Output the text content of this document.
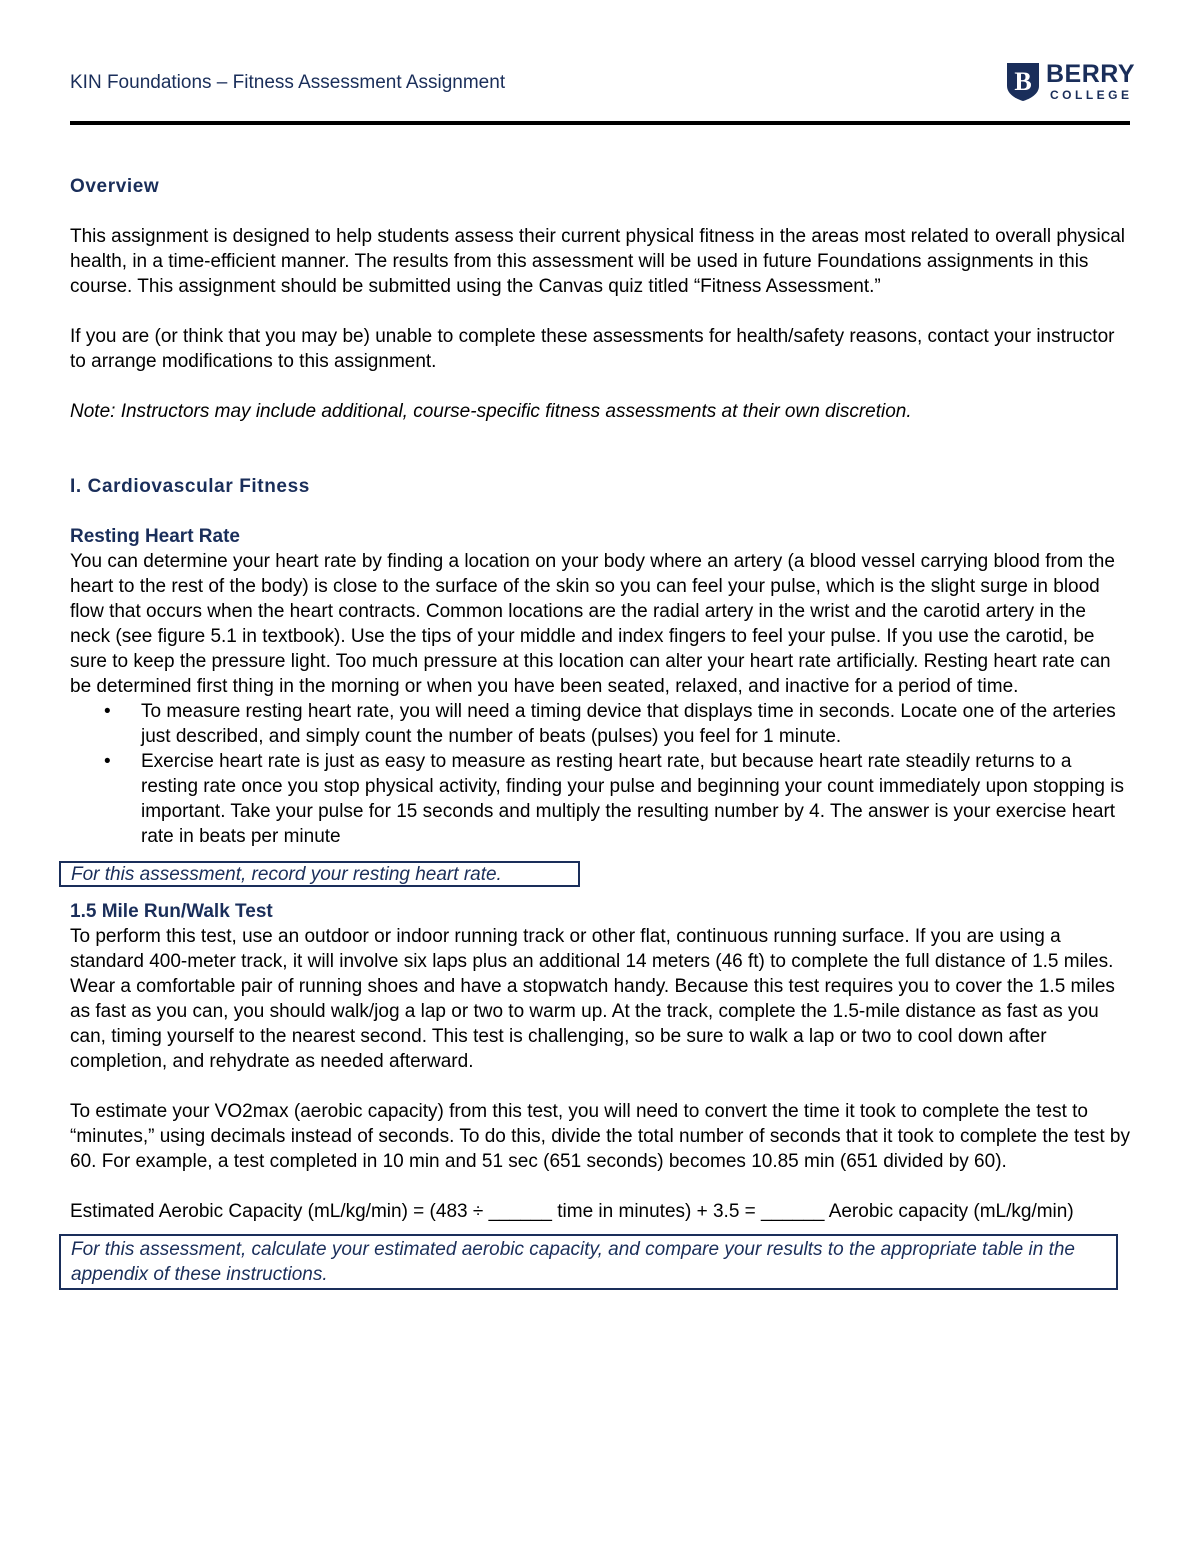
KIN Foundations – Fitness Assessment Assignment	B BERRY
COLLEGE

Overview

This assignment is designed to help students assess their current physical fitness in the areas most related to overall physical health, in a time-efficient manner. The results from this assessment will be used in future Foundations assignments in this course. This assignment should be submitted using the Canvas quiz titled “Fitness Assessment.”

If you are (or think that you may be) unable to complete these assessments for health/safety reasons, contact your instructor to arrange modifications to this assignment.

Note: Instructors may include additional, course-specific fitness assessments at their own discretion.

I. Cardiovascular Fitness

Resting Heart Rate

You can determine your heart rate by finding a location on your body where an artery (a blood vessel carrying blood from the heart to the rest of the body) is close to the surface of the skin so you can feel your pulse, which is the slight surge in blood flow that occurs when the heart contracts. Common locations are the radial artery in the wrist and the carotid artery in the neck (see figure 5.1 in textbook). Use the tips of your middle and index fingers to feel your pulse. If you use the carotid, be sure to keep the pressure light. Too much pressure at this location can alter your heart rate artificially. Resting heart rate can be determined first thing in the morning or when you have been seated, relaxed, and inactive for a period of time.

• To measure resting heart rate, you will need a timing device that displays time in seconds. Locate one of the arteries just described, and simply count the number of beats (pulses) you feel for 1 minute.
• Exercise heart rate is just as easy to measure as resting heart rate, but because heart rate steadily returns to a resting rate once you stop physical activity, finding your pulse and beginning your count immediately upon stopping is important. Take your pulse for 15 seconds and multiply the resulting number by 4. The answer is your exercise heart rate in beats per minute
For this assessment, record your resting heart rate.

1.5 Mile Run/Walk Test

To perform this test, use an outdoor or indoor running track or other flat, continuous running surface. If you are using a standard 400-meter track, it will involve six laps plus an additional 14 meters (46 ft) to complete the full distance of 1.5 miles. Wear a comfortable pair of running shoes and have a stopwatch handy. Because this test requires you to cover the 1.5 miles as fast as you can, you should walk/jog a lap or two to warm up. At the track, complete the 1.5-mile distance as fast as you can, timing yourself to the nearest second. This test is challenging, so be sure to walk a lap or two to cool down after completion, and rehydrate as needed afterward.

To estimate your VO2max (aerobic capacity) from this test, you will need to convert the time it took to complete the test to “minutes,” using decimals instead of seconds. To do this, divide the total number of seconds that it took to complete the test by 60. For example, a test completed in 10 min and 51 sec (651 seconds) becomes 10.85 min (651 divided by 60).

Estimated Aerobic Capacity (mL/kg/min) = (483 ÷ ______ time in minutes) + 3.5 = ______ Aerobic capacity (mL/kg/min)

For this assessment, calculate your estimated aerobic capacity, and compare your results to the appropriate table in the appendix of these instructions.
